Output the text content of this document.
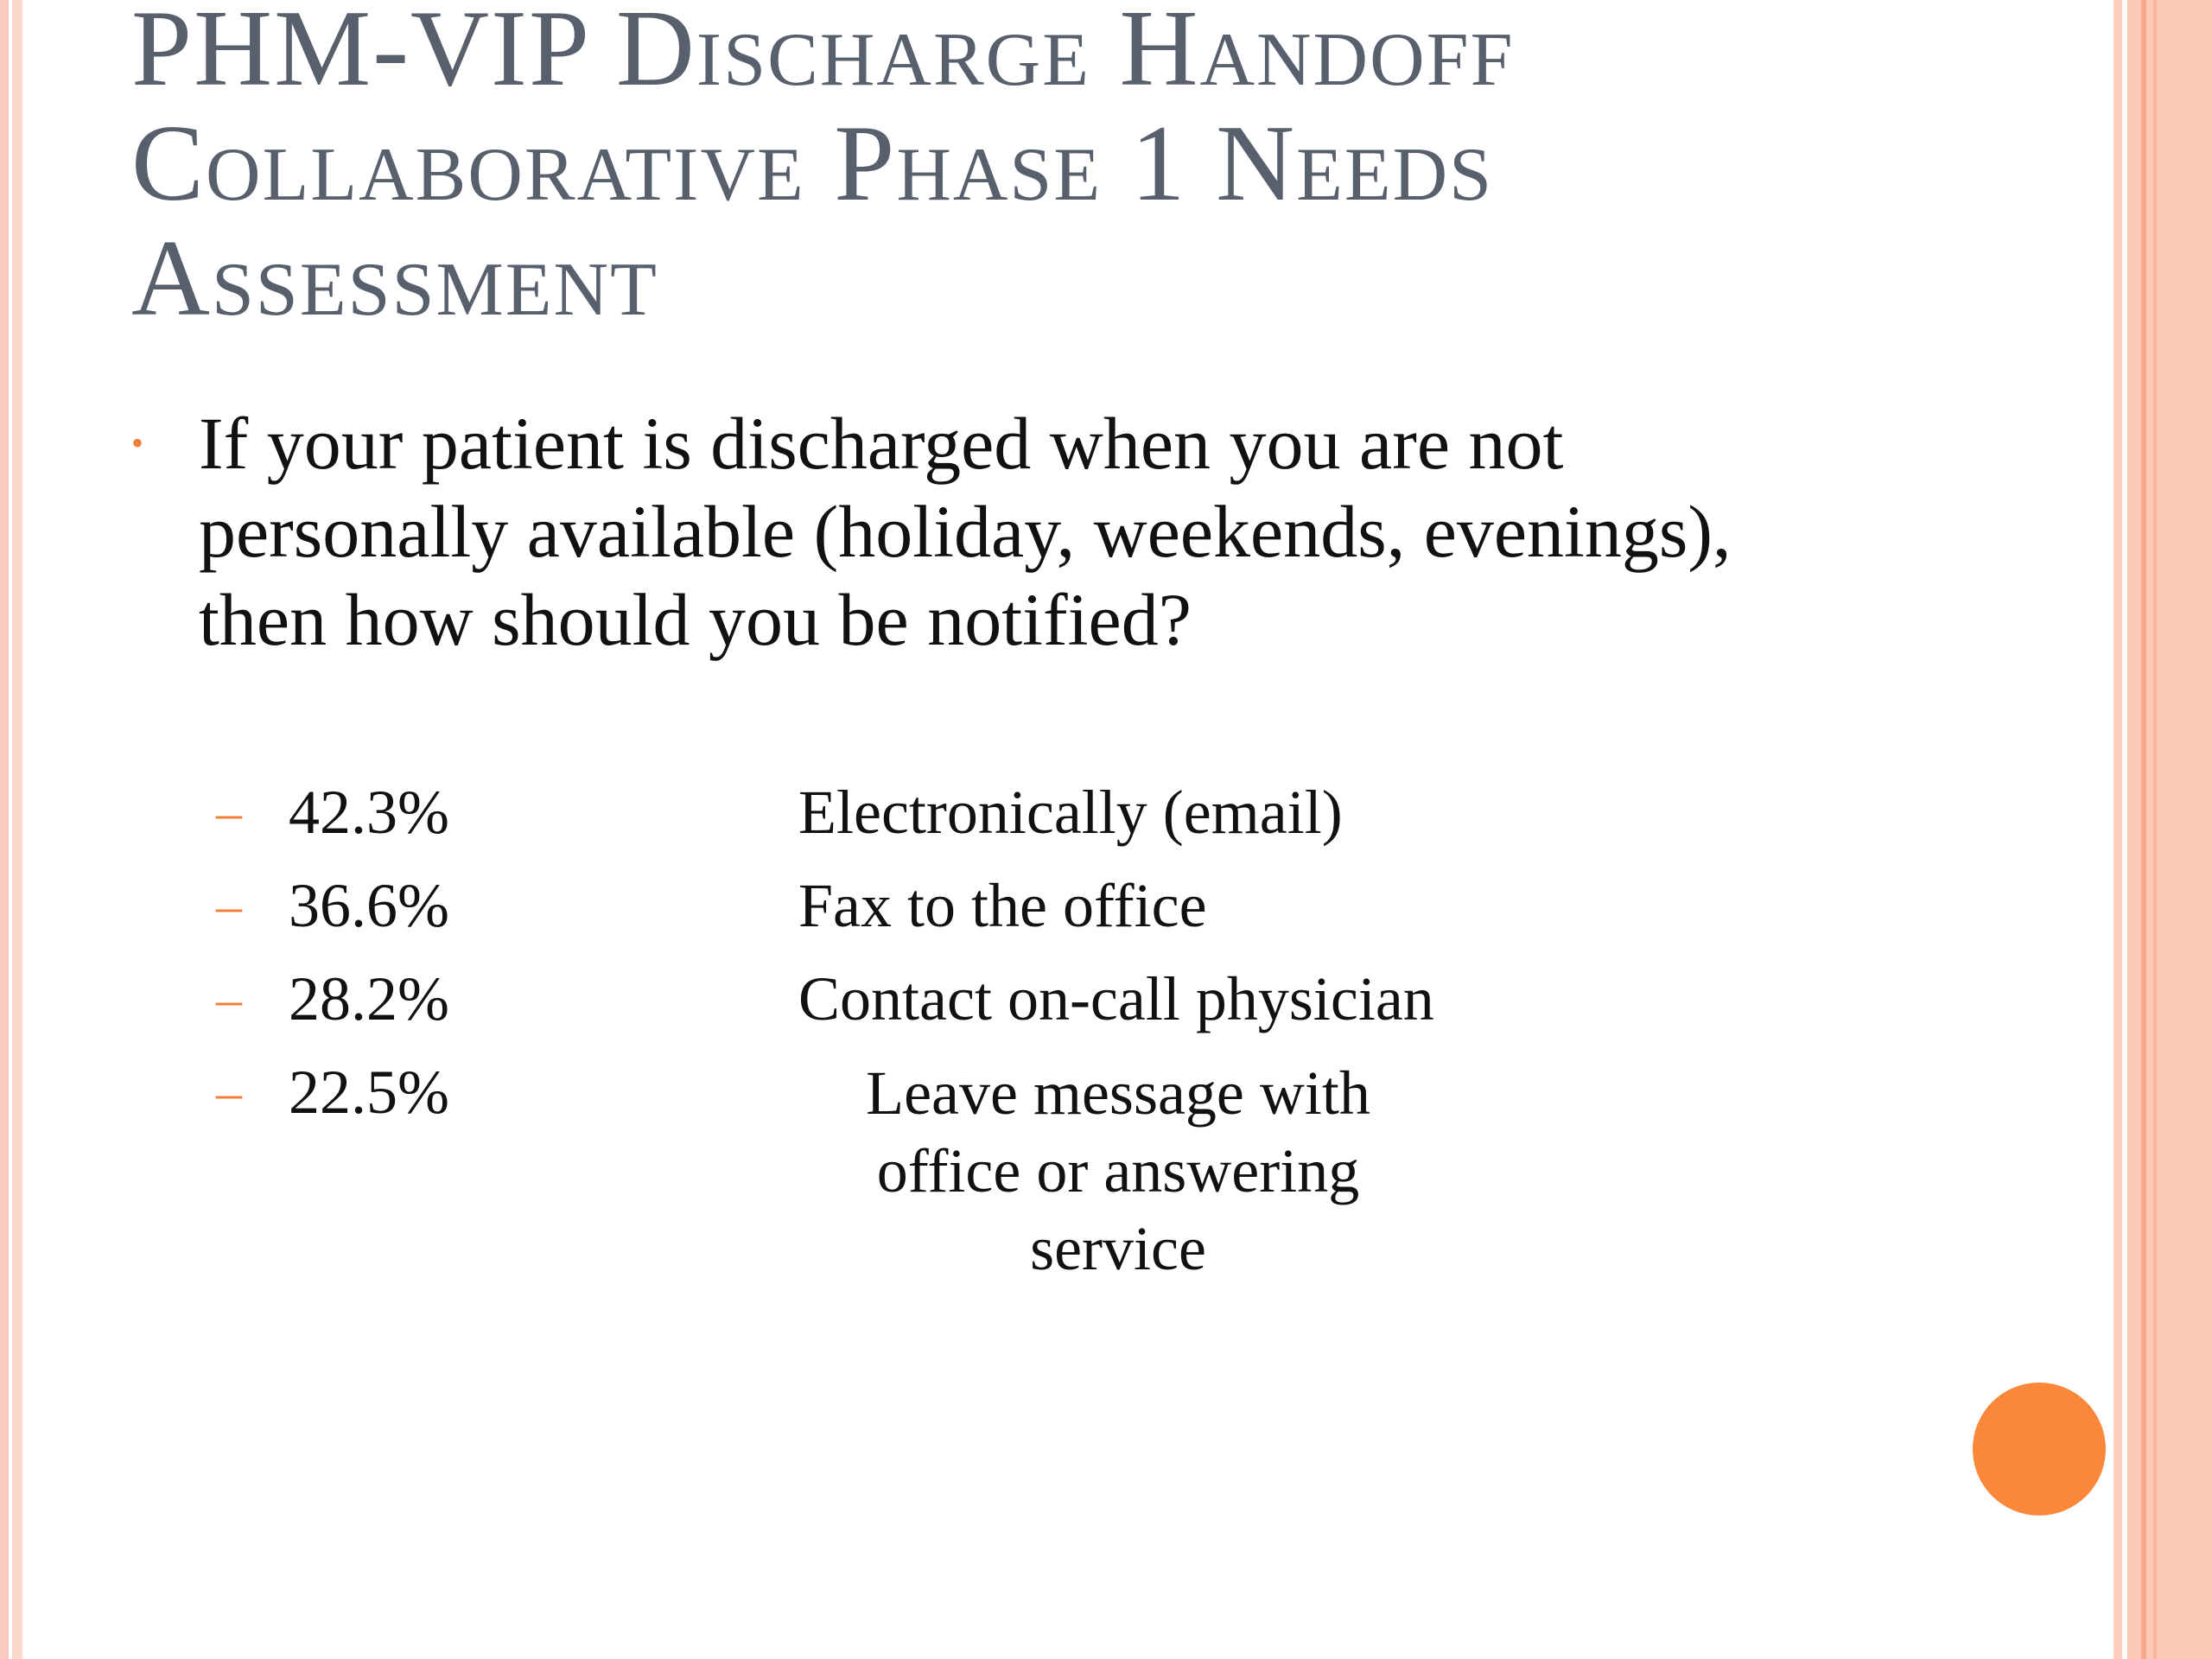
PHM-VIP Discharge Handoff Collaborative Phase 1 Needs Assessment
• If your patient is discharged when you are not personally available (holiday, weekends, evenings), then how should you be notified?
– 42.3%	Electronically (email)
– 36.6%	Fax to the office
– 28.2%	Contact on-call physician
– 22.5%	Leave message with office or answering service
